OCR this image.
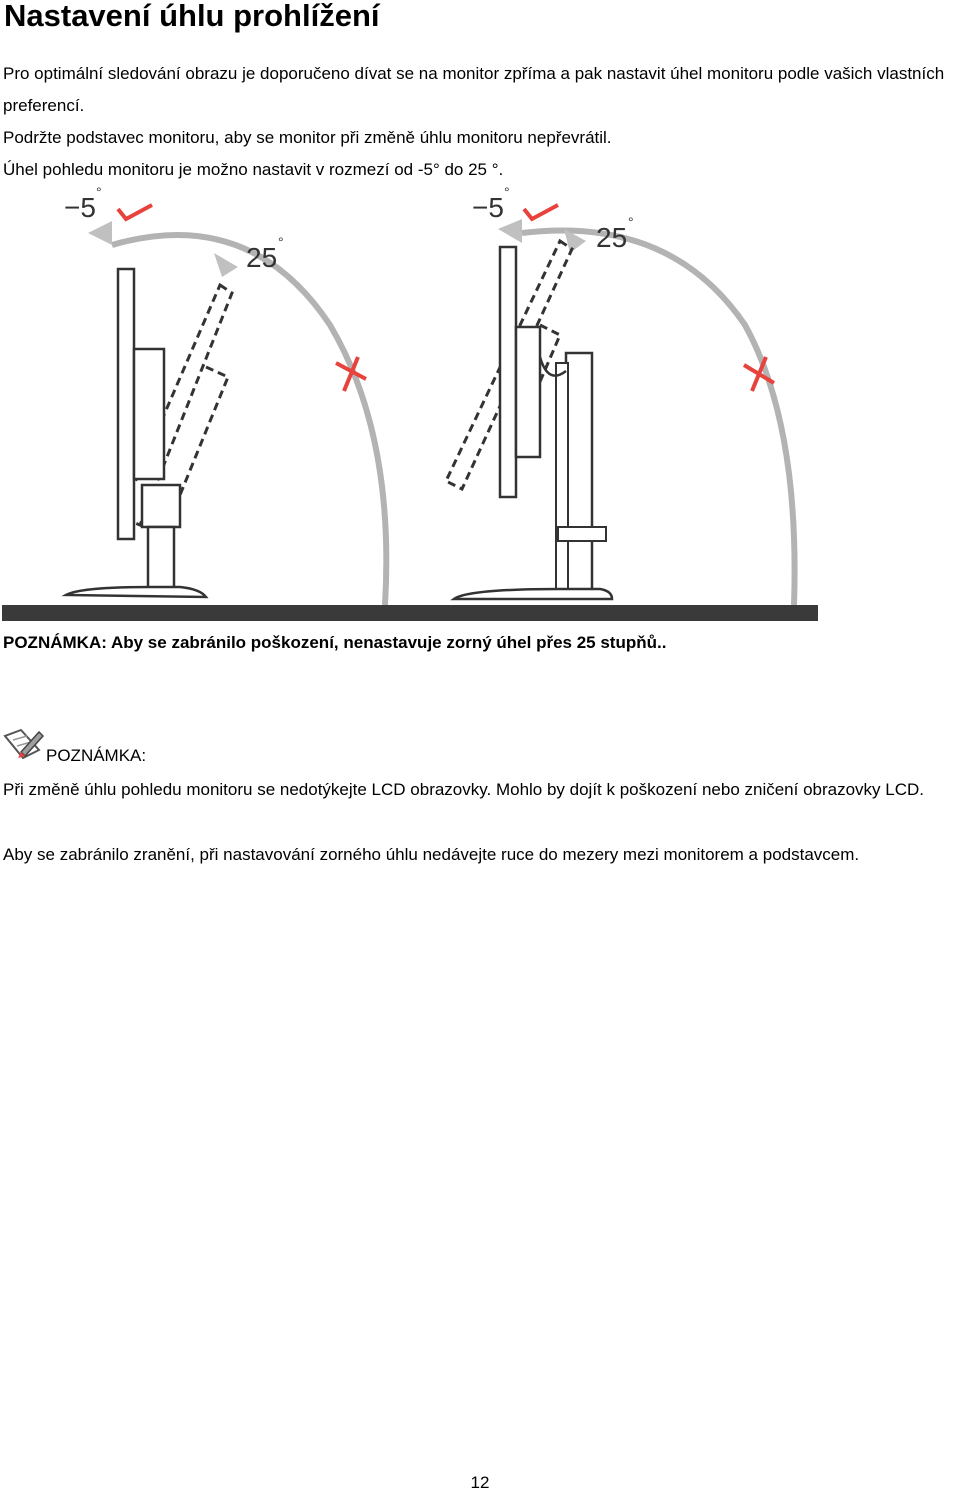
Nastavení úhlu prohlížení

Pro optimální sledování obrazu je doporučeno dívat se na monitor zpříma a pak nastavit úhel monitoru podle vašich vlastních preferencí.

Podržte podstavec monitoru, aby se monitor při změně úhlu monitoru nepřevrátil.

Úhel pohledu monitoru je možno nastavit v rozmezí od -5° do 25 °.

−5 °
25 °
−5 °
25 °

POZNÁMKA: Aby se zabránilo poškození, nenastavuje zorný úhel přes 25 stupňů..

POZNÁMKA:

Při změně úhlu pohledu monitoru se nedotýkejte LCD obrazovky. Mohlo by dojít k poškození nebo zničení obrazovky LCD.

Aby se zabránilo zranění, při nastavování zorného úhlu nedávejte ruce do mezery mezi monitorem a podstavcem.

12
